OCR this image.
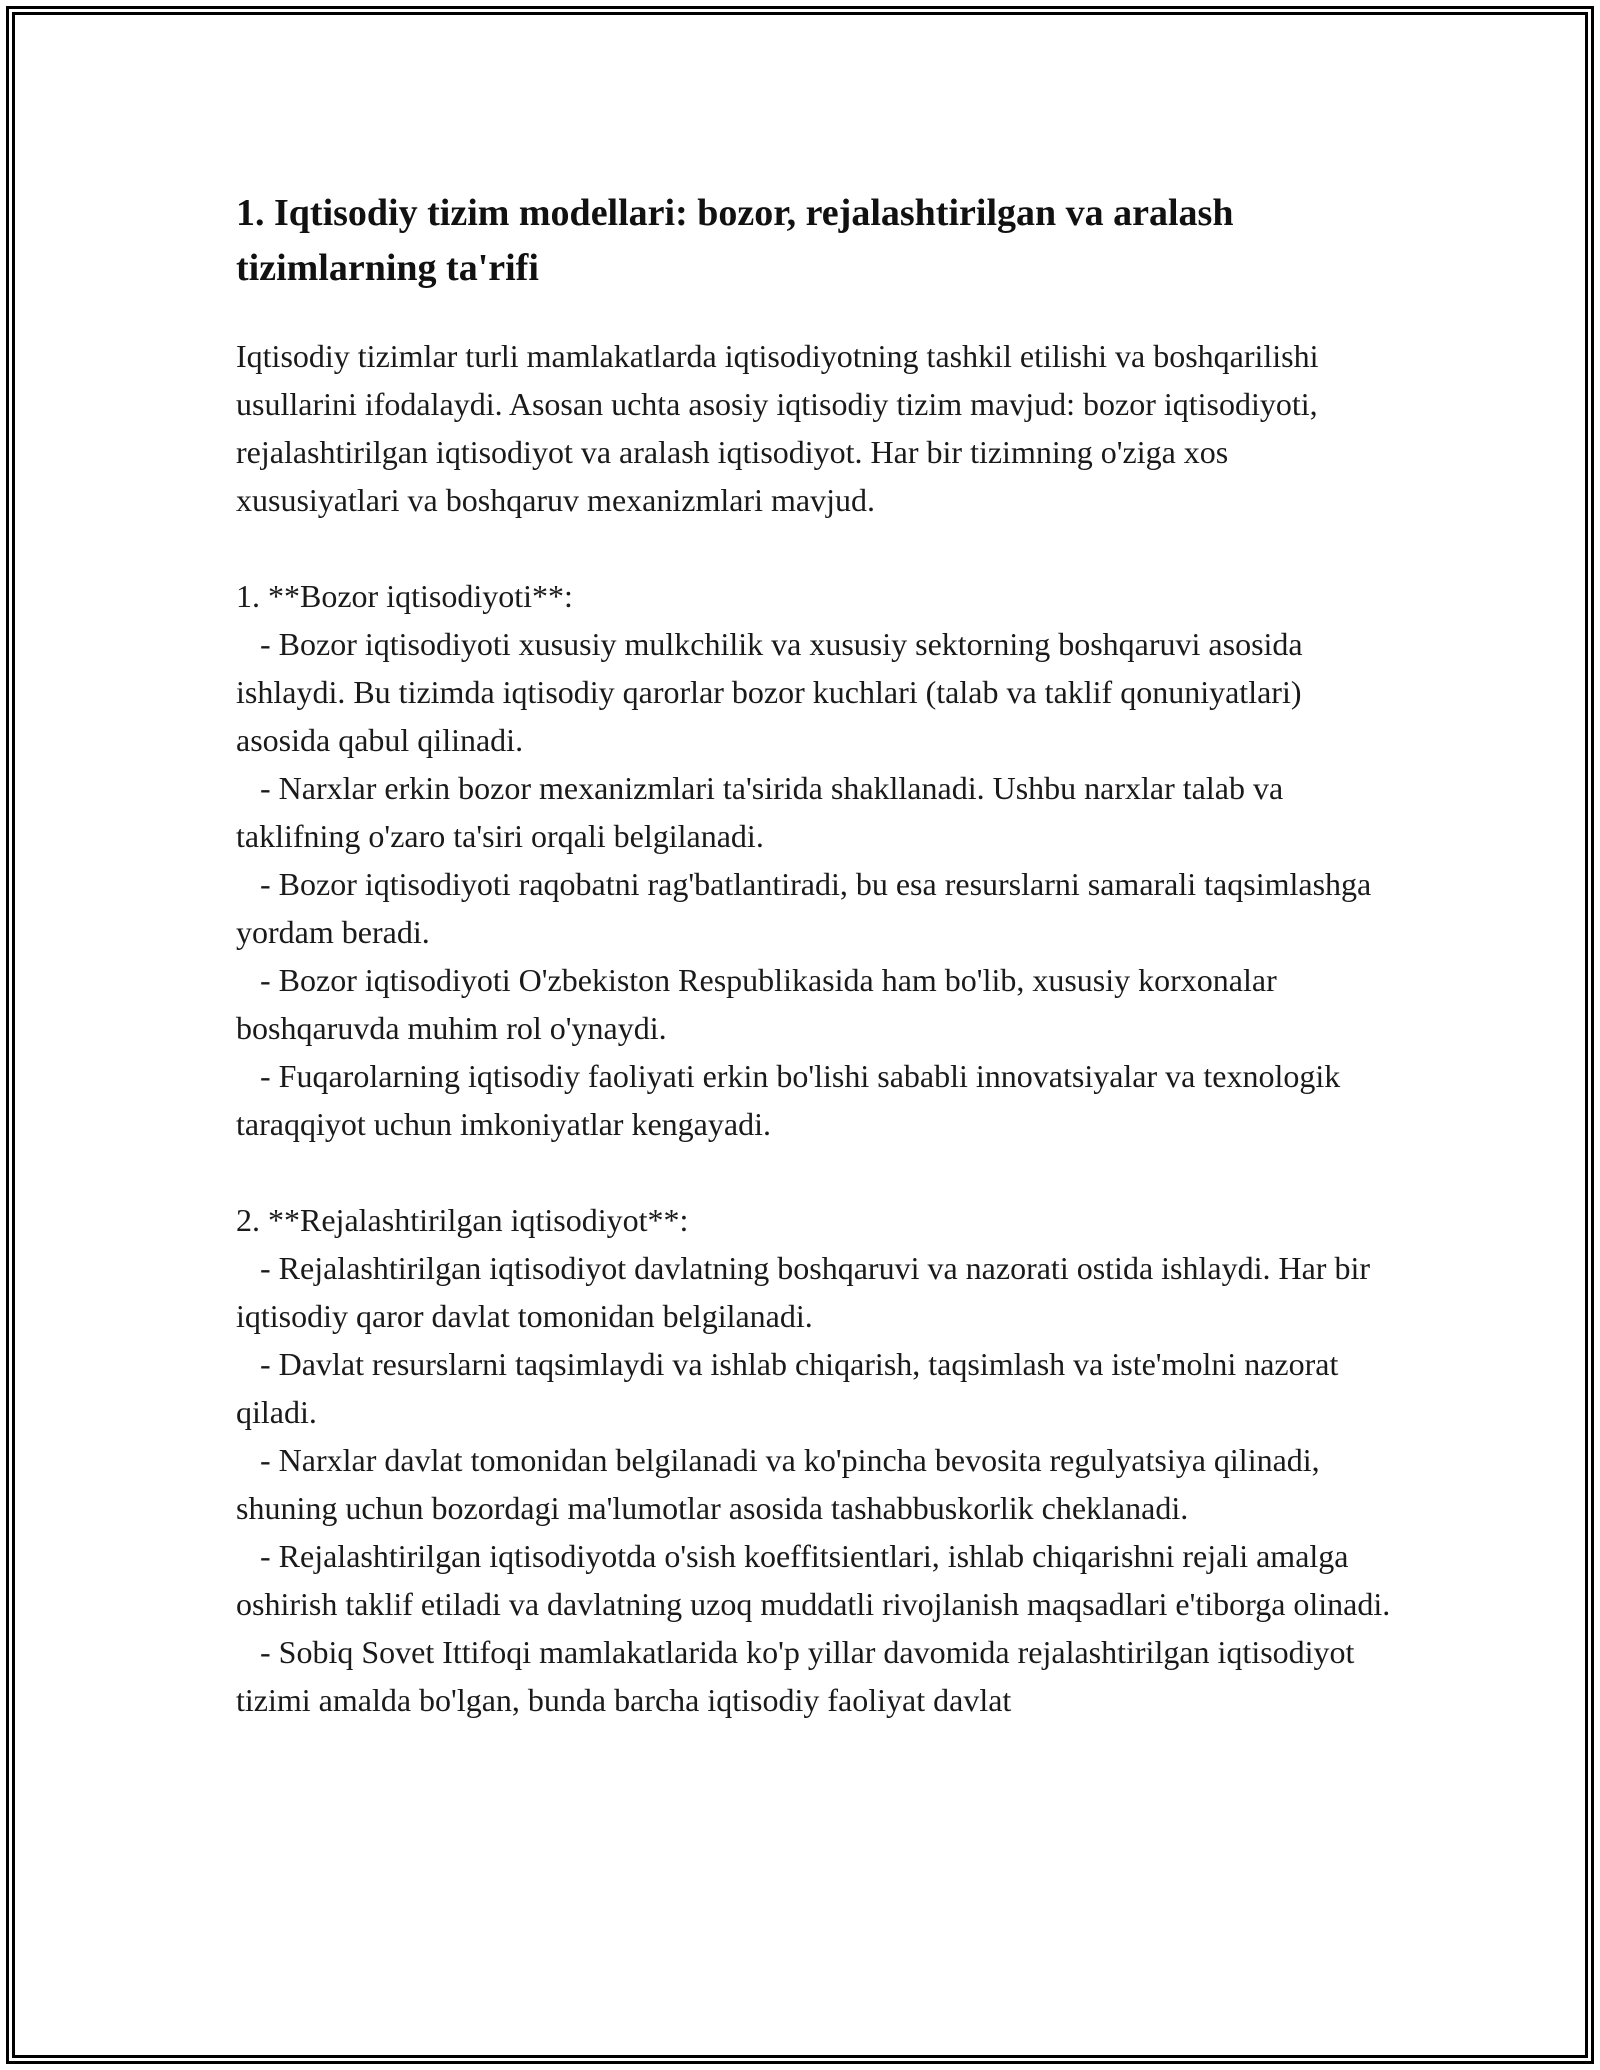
1. Iqtisodiy tizim modellari: bozor, rejalashtirilgan va aralash tizimlarning ta'rifi

Iqtisodiy tizimlar turli mamlakatlarda iqtisodiyotning tashkil etilishi va boshqarilishi usullarini ifodalaydi. Asosan uchta asosiy iqtisodiy tizim mavjud: bozor iqtisodiyoti, rejalashtirilgan iqtisodiyot va aralash iqtisodiyot. Har bir tizimning o'ziga xos xususiyatlari va boshqaruv mexanizmlari mavjud.

1. **Bozor iqtisodiyoti**:

- Bozor iqtisodiyoti xususiy mulkchilik va xususiy sektorning boshqaruvi asosida ishlaydi. Bu tizimda iqtisodiy qarorlar bozor kuchlari (talab va taklif qonuniyatlari) asosida qabul qilinadi.

- Narxlar erkin bozor mexanizmlari ta'sirida shakllanadi. Ushbu narxlar talab va taklifning o'zaro ta'siri orqali belgilanadi.

- Bozor iqtisodiyoti raqobatni rag'batlantiradi, bu esa resurslarni samarali taqsimlashga yordam beradi.

- Bozor iqtisodiyoti O'zbekiston Respublikasida ham bo'lib, xususiy korxonalar boshqaruvda muhim rol o'ynaydi.

- Fuqarolarning iqtisodiy faoliyati erkin bo'lishi sababli innovatsiyalar va texnologik taraqqiyot uchun imkoniyatlar kengayadi.

2. **Rejalashtirilgan iqtisodiyot**:

- Rejalashtirilgan iqtisodiyot davlatning boshqaruvi va nazorati ostida ishlaydi. Har bir iqtisodiy qaror davlat tomonidan belgilanadi.

- Davlat resurslarni taqsimlaydi va ishlab chiqarish, taqsimlash va iste'molni nazorat qiladi.

- Narxlar davlat tomonidan belgilanadi va ko'pincha bevosita regulyatsiya qilinadi, shuning uchun bozordagi ma'lumotlar asosida tashabbuskorlik cheklanadi.

- Rejalashtirilgan iqtisodiyotda o'sish koeffitsientlari, ishlab chiqarishni rejali amalga oshirish taklif etiladi va davlatning uzoq muddatli rivojlanish maqsadlari e'tiborga olinadi.

- Sobiq Sovet Ittifoqi mamlakatlarida ko'p yillar davomida rejalashtirilgan iqtisodiyot tizimi amalda bo'lgan, bunda barcha iqtisodiy faoliyat davlat
